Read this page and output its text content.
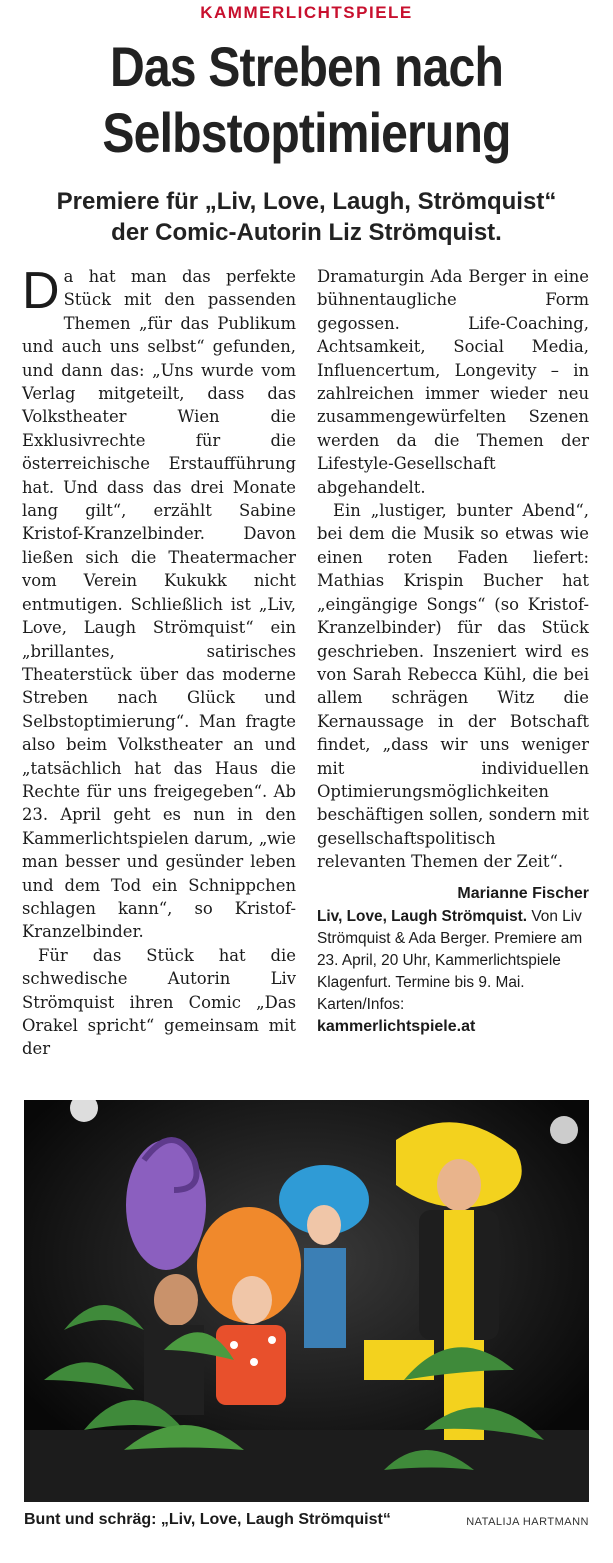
KAMMERLICHTSPIELE
Das Streben nach Selbstoptimierung
Premiere für „Liv, Love, Laugh, Strömquist“
der Comic-Autorin Liz Strömquist.

Da hat man das perfekte Stück mit den passenden Themen „für das Publikum und auch uns selbst“ gefunden, und dann das: „Uns wurde vom Verlag mitgeteilt, dass das Volkstheater Wien die Exklusivrechte für die österreichische Erstaufführung hat. Und dass das drei Monate lang gilt“, erzählt Sabine Kristof-Kranzelbinder. Davon ließen sich die Theatermacher vom Verein Kukukk nicht entmutigen. Schließlich ist „Liv, Love, Laugh Strömquist“ ein „brillantes, satirisches Theaterstück über das moderne Streben nach Glück und Selbstoptimierung“. Man fragte also beim Volkstheater an und „tatsächlich hat das Haus die Rechte für uns freigegeben“. Ab 23. April geht es nun in den Kammerlichtspielen darum, „wie man besser und gesünder leben und dem Tod ein Schnippchen schlagen kann“, so Kristof-Kranzelbinder.

Für das Stück hat die schwedische Autorin Liv Strömquist ihren Comic „Das Orakel spricht“ gemeinsam mit der

Dramaturgin Ada Berger in eine bühnentaugliche Form gegossen. Life-Coaching, Achtsamkeit, Social Media, Influencertum, Longevity – in zahlreichen immer wieder neu zusammengewürfelten Szenen werden da die Themen der Lifestyle-Gesellschaft abgehandelt.

Ein „lustiger, bunter Abend“, bei dem die Musik so etwas wie einen roten Faden liefert: Mathias Krispin Bucher hat „eingängige Songs“ (so Kristof-Kranzelbinder) für das Stück geschrieben. Inszeniert wird es von Sarah Rebecca Kühl, die bei allem schrägen Witz die Kernaussage in der Botschaft findet, „dass wir uns weniger mit individuellen Optimierungsmöglichkeiten beschäftigen sollen, sondern mit gesellschaftspolitisch relevanten Themen der Zeit“.

Marianne Fischer
Liv, Love, Laugh Strömquist. Von Liv Strömquist & Ada Berger. Premiere am 23. April, 20 Uhr, Kammerlichtspiele Klagenfurt. Termine bis 9. Mai. Karten/Infos:
kammerlichtspiele.at
Bunt und schräg: „Liv, Love, Laugh Strömquist“	NATALIJA HARTMANN
